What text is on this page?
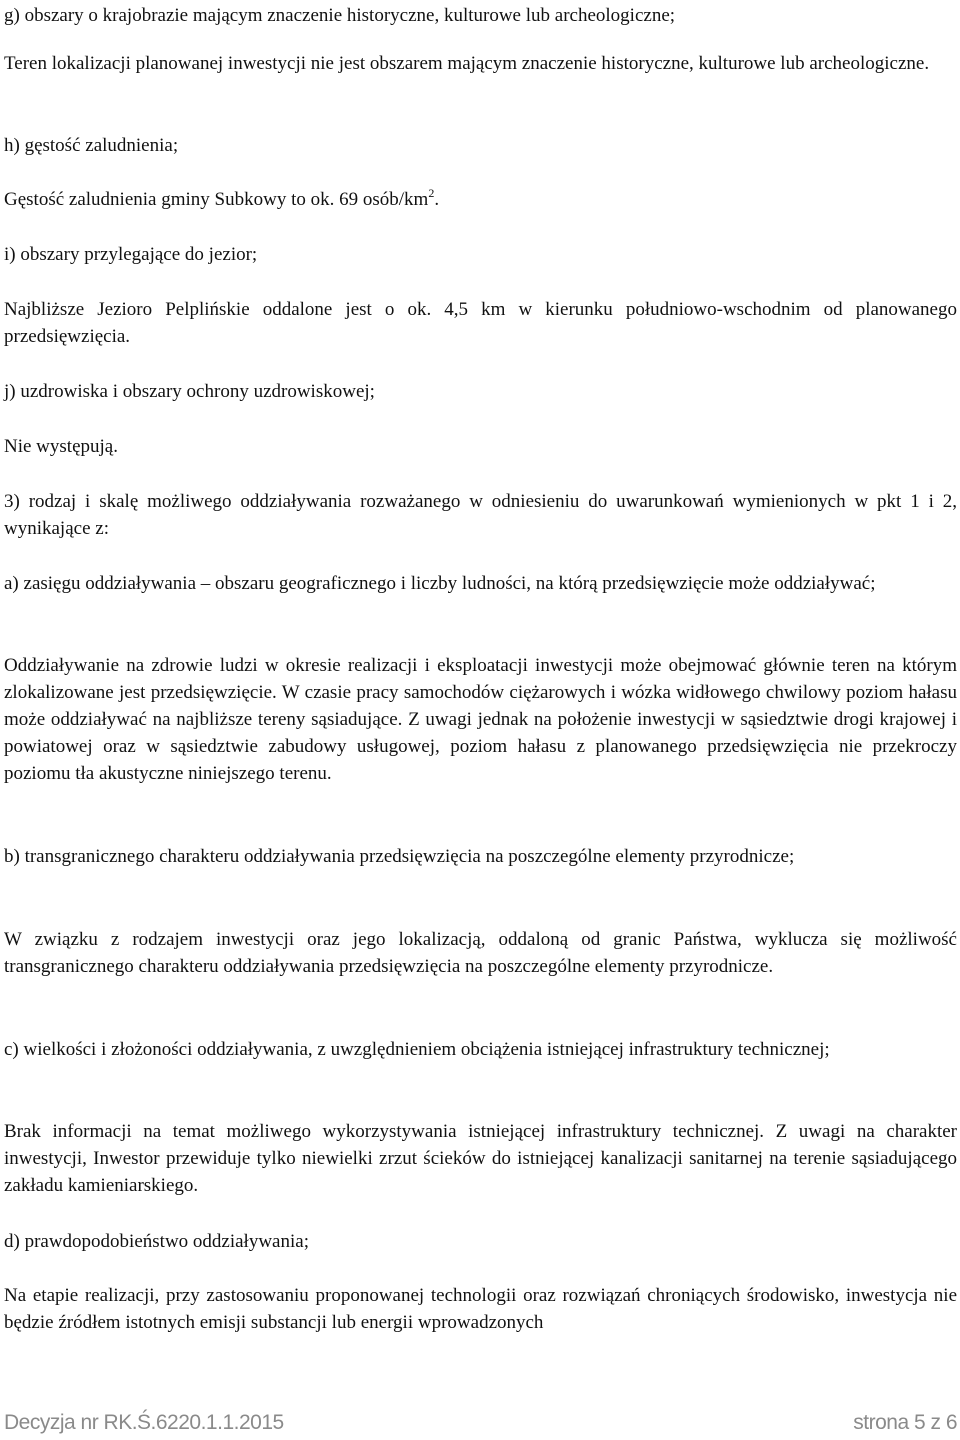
g) obszary o krajobrazie mającym znaczenie historyczne, kulturowe lub archeologiczne;

Teren lokalizacji planowanej inwestycji nie jest obszarem mającym znaczenie historyczne, kulturowe lub archeologiczne.

h) gęstość zaludnienia;

Gęstość zaludnienia gminy Subkowy to ok. 69 osób/$km^2$.

i) obszary przylegające do jezior;

Najbliższe Jezioro Pelplińskie oddalone jest o ok. 4,5 km w kierunku południowo-wschodnim od planowanego przedsięwzięcia.

j) uzdrowiska i obszary ochrony uzdrowiskowej;

Nie występują.

3) rodzaj i skalę możliwego oddziaływania rozważanego w odniesieniu do uwarunkowań wymienionych w pkt 1 i 2, wynikające z:

a) zasięgu oddziaływania – obszaru geograficznego i liczby ludności, na którą przedsięwzięcie może oddziaływać;

Oddziaływanie na zdrowie ludzi w okresie realizacji i eksploatacji inwestycji może obejmować głównie teren na którym zlokalizowane jest przedsięwzięcie. W czasie pracy samochodów ciężarowych i wózka widłowego chwilowy poziom hałasu może oddziaływać na najbliższe tereny sąsiadujące. Z uwagi jednak na położenie inwestycji w sąsiedztwie drogi krajowej i powiatowej oraz w sąsiedztwie zabudowy usługowej, poziom hałasu z planowanego przedsięwzięcia nie przekroczy poziomu tła akustyczne niniejszego terenu.

b) transgranicznego charakteru oddziaływania przedsięwzięcia na poszczególne elementy przyrodnicze;

W związku z rodzajem inwestycji oraz jego lokalizacją, oddaloną od granic Państwa, wyklucza się możliwość transgranicznego charakteru oddziaływania przedsięwzięcia na poszczególne elementy przyrodnicze.

c) wielkości i złożoności oddziaływania, z uwzględnieniem obciążenia istniejącej infrastruktury technicznej;

Brak informacji na temat możliwego wykorzystywania istniejącej infrastruktury technicznej. Z uwagi na charakter inwestycji, Inwestor przewiduje tylko niewielki zrzut ścieków do istniejącej kanalizacji sanitarnej na terenie sąsiadującego zakładu kamieniarskiego.

d) prawdopodobieństwo oddziaływania;

Na etapie realizacji, przy zastosowaniu proponowanej technologii oraz rozwiązań chroniących środowisko, inwestycja nie będzie źródłem istotnych emisji substancji lub energii wprowadzonych

Decyzja nr RK.Ś.6220.1.1.2015	strona 5 z 6
